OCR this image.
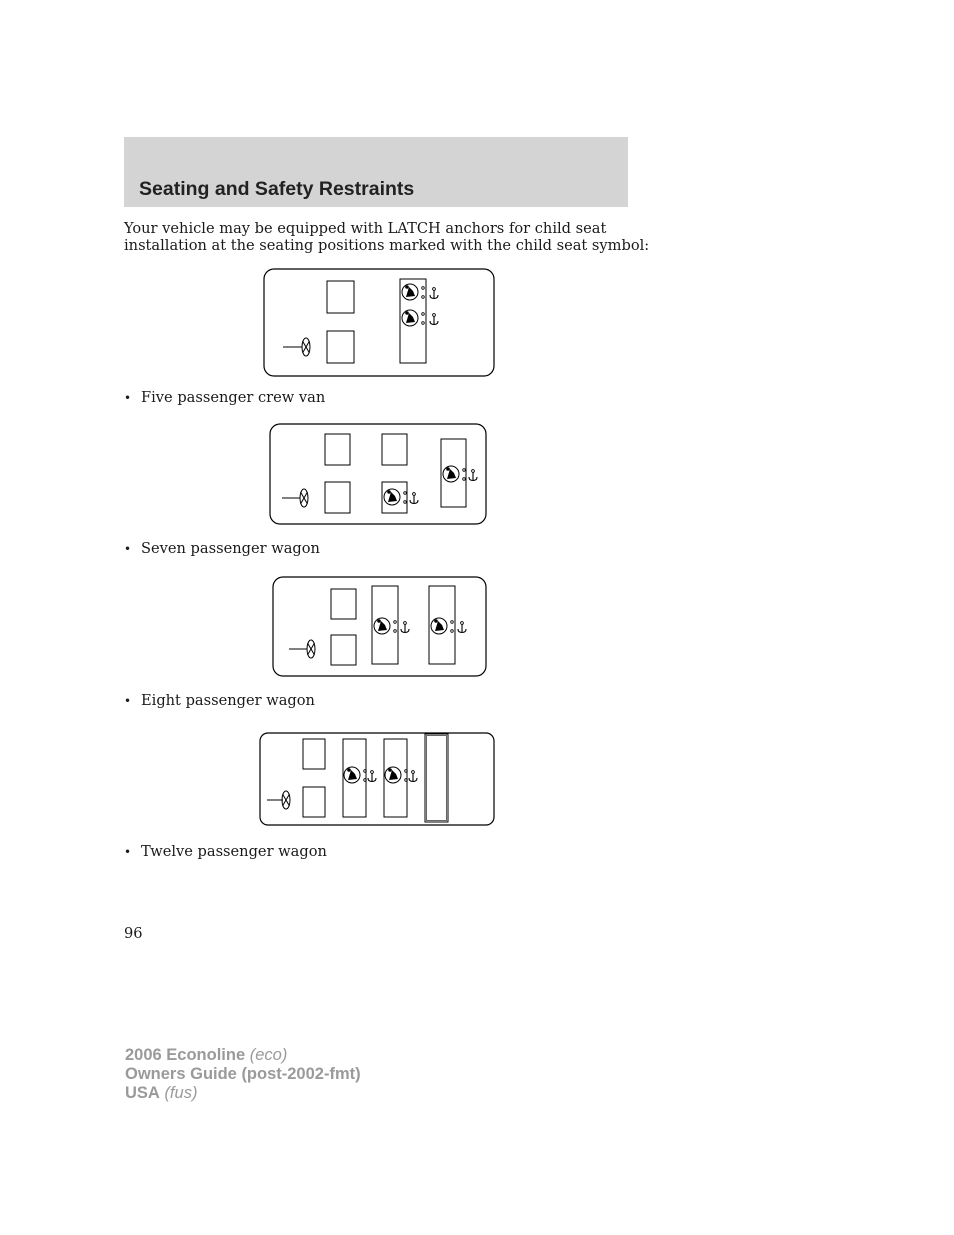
Seating and Safety Restraints

Your vehicle may be equipped with LATCH anchors for child seat
installation at the seating positions marked with the child seat symbol:

• Five passenger crew van

• Seven passenger wagon

• Eight passenger wagon

• Twelve passenger wagon

96

2006 Econoline (eco)
Owners Guide (post-2002-fmt)
USA (fus)
